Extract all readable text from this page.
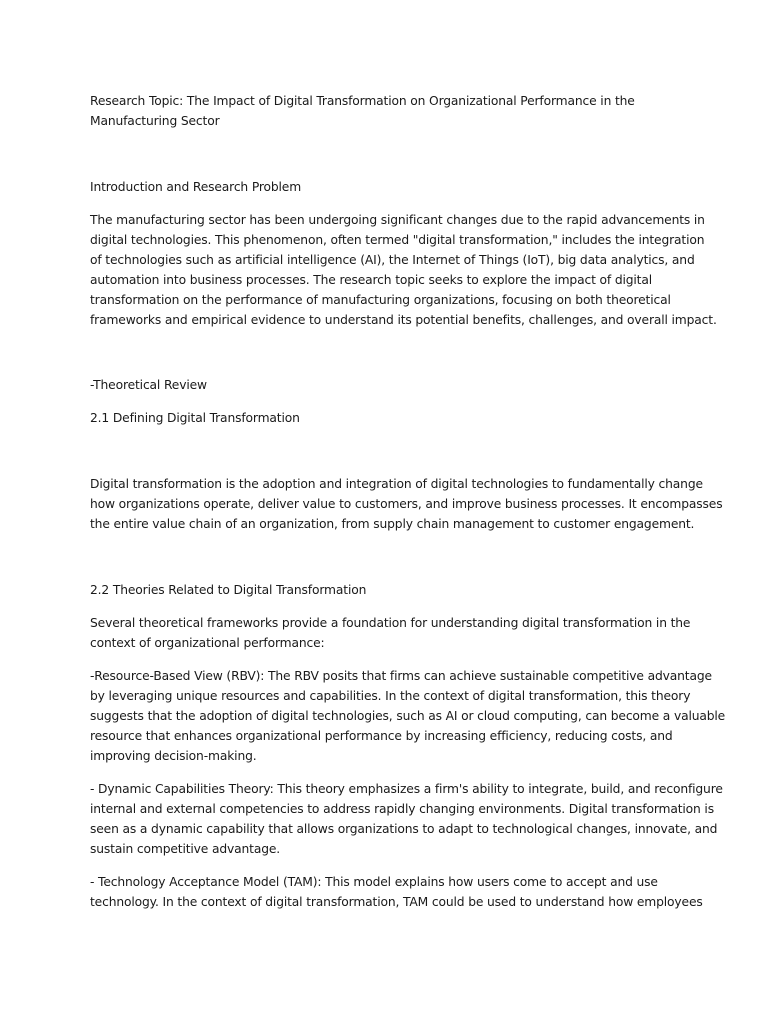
Research Topic: The Impact of Digital Transformation on Organizational Performance in the
Manufacturing Sector

Introduction and Research Problem

The manufacturing sector has been undergoing significant changes due to the rapid advancements in
digital technologies. This phenomenon, often termed "digital transformation," includes the integration
of technologies such as artificial intelligence (AI), the Internet of Things (IoT), big data analytics, and
automation into business processes. The research topic seeks to explore the impact of digital
transformation on the performance of manufacturing organizations, focusing on both theoretical
frameworks and empirical evidence to understand its potential benefits, challenges, and overall impact.

-Theoretical Review

2.1 Defining Digital Transformation

Digital transformation is the adoption and integration of digital technologies to fundamentally change
how organizations operate, deliver value to customers, and improve business processes. It encompasses
the entire value chain of an organization, from supply chain management to customer engagement.

2.2 Theories Related to Digital Transformation

Several theoretical frameworks provide a foundation for understanding digital transformation in the
context of organizational performance:

-Resource-Based View (RBV): The RBV posits that firms can achieve sustainable competitive advantage
by leveraging unique resources and capabilities. In the context of digital transformation, this theory
suggests that the adoption of digital technologies, such as AI or cloud computing, can become a valuable
resource that enhances organizational performance by increasing efficiency, reducing costs, and
improving decision-making.

- Dynamic Capabilities Theory: This theory emphasizes a firm's ability to integrate, build, and reconfigure
internal and external competencies to address rapidly changing environments. Digital transformation is
seen as a dynamic capability that allows organizations to adapt to technological changes, innovate, and
sustain competitive advantage.

- Technology Acceptance Model (TAM): This model explains how users come to accept and use
technology. In the context of digital transformation, TAM could be used to understand how employees
